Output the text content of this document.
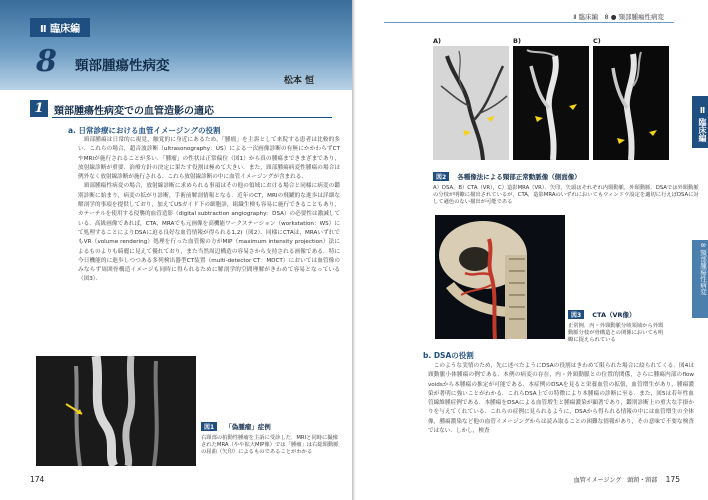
Ⅱ 臨床編
8 頸部腫瘍性病変
松本 恒
1	頸部腫瘍性病変での血管造影の適応
a. 日常診療における血管イメージングの役割
　頸部腫瘍は日常的に視覚，触覚的に身近にあるため，「腫瘤」を主訴として来院する患者は比較的多い．これらの場合，超音波診断（ultrasonography：US）による一次画像診断の有無にかかわらずCTやMRIが施行されることが多い．「腫瘤」の性状は正常偏位（図1）から真の腫瘍まできまざまであり，放射線診断が重要．治療方針の決定に果たす役割は極めて大きい．また，頸部腫瘍病変性腫瘍の場合は例外なく放射線診断が施行される．これら放射線診断の中に血管イメージングが含まれる．
　頸部腫瘍性病変の場合，放射線診断に求められる事項はその他の領域における場合と同様に病変の鑑別診断に始まり，病変の拡がり診断，手術前解剖情報となる．近年のCT，MRIの飛躍的な進歩は詳細な解剖学的事項を提供しており，加えてUSガイド下の細胞診，組織生検も容易に施行できることもあり，カテーテルを使用する侵襲的血管造影（digital subtraction angiography：DSA）の必要性は激減している．高級画像であれば，CTA，MRAでも元画像を高機能ワークステーション（workstation：WS）にて処理することによりDSAに迫る良好な血管情報が得られる1,2)（図2）．同様にCTAは，MRAいずれでもVR（volume rendering）処理を行った血管像の方がMIP（maximum intensity projection）法によるものよりも綺麗に見えて優れており，また当然周辺構造の容易さから支持される画像である．特に今日機能的に進歩しつつある多列検出器型CT装置（multi-detector CT：MDCT）においては血管像のみならず周囲骨構造イメージも同時に得られるために解剖学的空間理解がきわめて容易となっている（図3）．
図1 「偽腫瘤」症例
右頸部の拍動性腫瘤を主訴に受診した．MRIと同時に撮像されたMRA（やや拡大MIP像）では「腫瘤」は右総頸動脈の屈曲（矢印）によるものであることがわかる
174
Ⅱ 臨床編　8 ● 頸部腫瘍性病変
Ⅱ 臨床編
8 頸部腫瘍性病変
A)	B)	C)
図2 各種像法による頸部正常動脈像（側面像）
A）DSA，B）CTA（VR），C）造影MRA（VR）．矢印，矢頭はそれぞれ内頸動脈，外頸動脈．DSAでは外頸動脈の分枝が明瞭に描出されているが，CTA，造影MRAのいずれにおいてもウィンドウ設定を適切に行えばDSAに対して遜色のない描出が可能である
図3 CTA（VR像）
正常例．内・外頸動脈分岐領域から外頸動脈分枝が骨構造との関係においても明瞭に捉えられている
b. DSAの役割
　このような実情のため，先に述べたようにDSAの役割はきわめて限られた場合に絞られてくる．図4は頸動脈小体腫瘍の例である．本例の病変の存在，内・外頸動脈との位置的関係，さらに腫瘍内部のflow voidsから本腫瘍の推定が可能である．本症例のDSAを見ると栄養血管の拡張，血管増生があり，腫瘍濃染が著明に強いことがわかる．これらDSA上での特徴により本腫瘍の診断に至る．また，図5は若年性血管線維腫症例である．本腫瘍をDSAによる血管増生と腫瘍濃染が顕著であり，鑑別診断上の重大な手掛かりを与えてくれている．これらの症例に見られるように，DSAから得られる情報の中には血管増生の全体像，腫瘍濃染など他の血管イメージングからは読み取ることの困難な情報があり，その意味で不要な検査ではない．しかし，検査
血管イメージング　頭頸・頸部 175
